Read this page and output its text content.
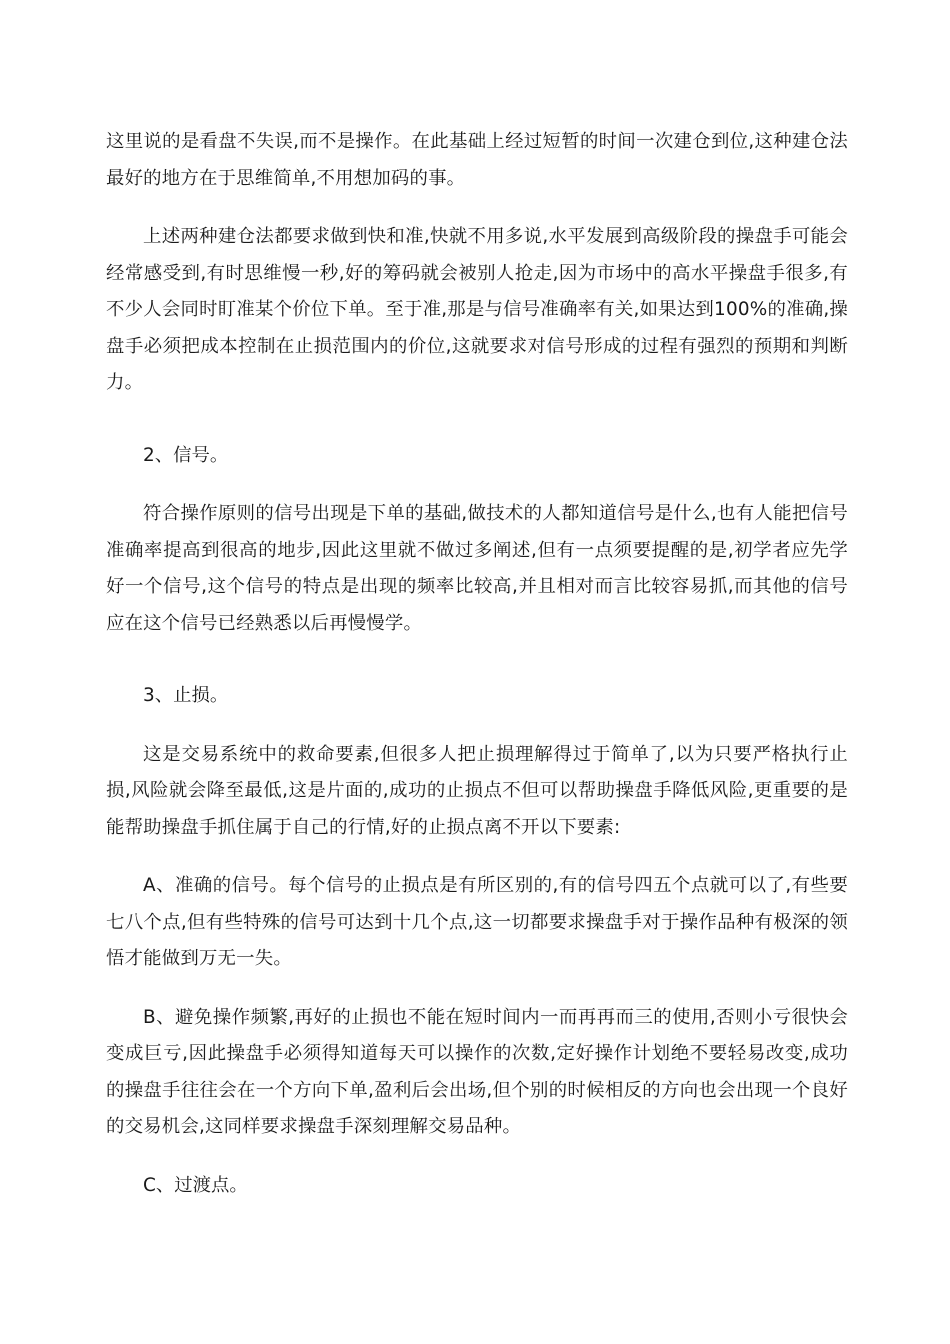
这里说的是看盘不失误,而不是操作。在此基础上经过短暂的时间一次建仓到位,这种建仓法最好的地方在于思维简单,不用想加码的事。

上述两种建仓法都要求做到快和准,快就不用多说,水平发展到高级阶段的操盘手可能会经常感受到,有时思维慢一秒,好的筹码就会被别人抢走,因为市场中的高水平操盘手很多,有不少人会同时盯准某个价位下单。至于准,那是与信号准确率有关,如果达到100%的准确,操盘手必须把成本控制在止损范围内的价位,这就要求对信号形成的过程有强烈的预期和判断力。

2、信号。

符合操作原则的信号出现是下单的基础,做技术的人都知道信号是什么,也有人能把信号准确率提高到很高的地步,因此这里就不做过多阐述,但有一点须要提醒的是,初学者应先学好一个信号,这个信号的特点是出现的频率比较高,并且相对而言比较容易抓,而其他的信号应在这个信号已经熟悉以后再慢慢学。

3、止损。

这是交易系统中的救命要素,但很多人把止损理解得过于简单了,以为只要严格执行止损,风险就会降至最低,这是片面的,成功的止损点不但可以帮助操盘手降低风险,更重要的是能帮助操盘手抓住属于自己的行情,好的止损点离不开以下要素:

A、准确的信号。每个信号的止损点是有所区别的,有的信号四五个点就可以了,有些要七八个点,但有些特殊的信号可达到十几个点,这一切都要求操盘手对于操作品种有极深的领悟才能做到万无一失。

B、避免操作频繁,再好的止损也不能在短时间内一而再再而三的使用,否则小亏很快会变成巨亏,因此操盘手必须得知道每天可以操作的次数,定好操作计划绝不要轻易改变,成功的操盘手往往会在一个方向下单,盈利后会出场,但个别的时候相反的方向也会出现一个良好的交易机会,这同样要求操盘手深刻理解交易品种。

C、过渡点。
